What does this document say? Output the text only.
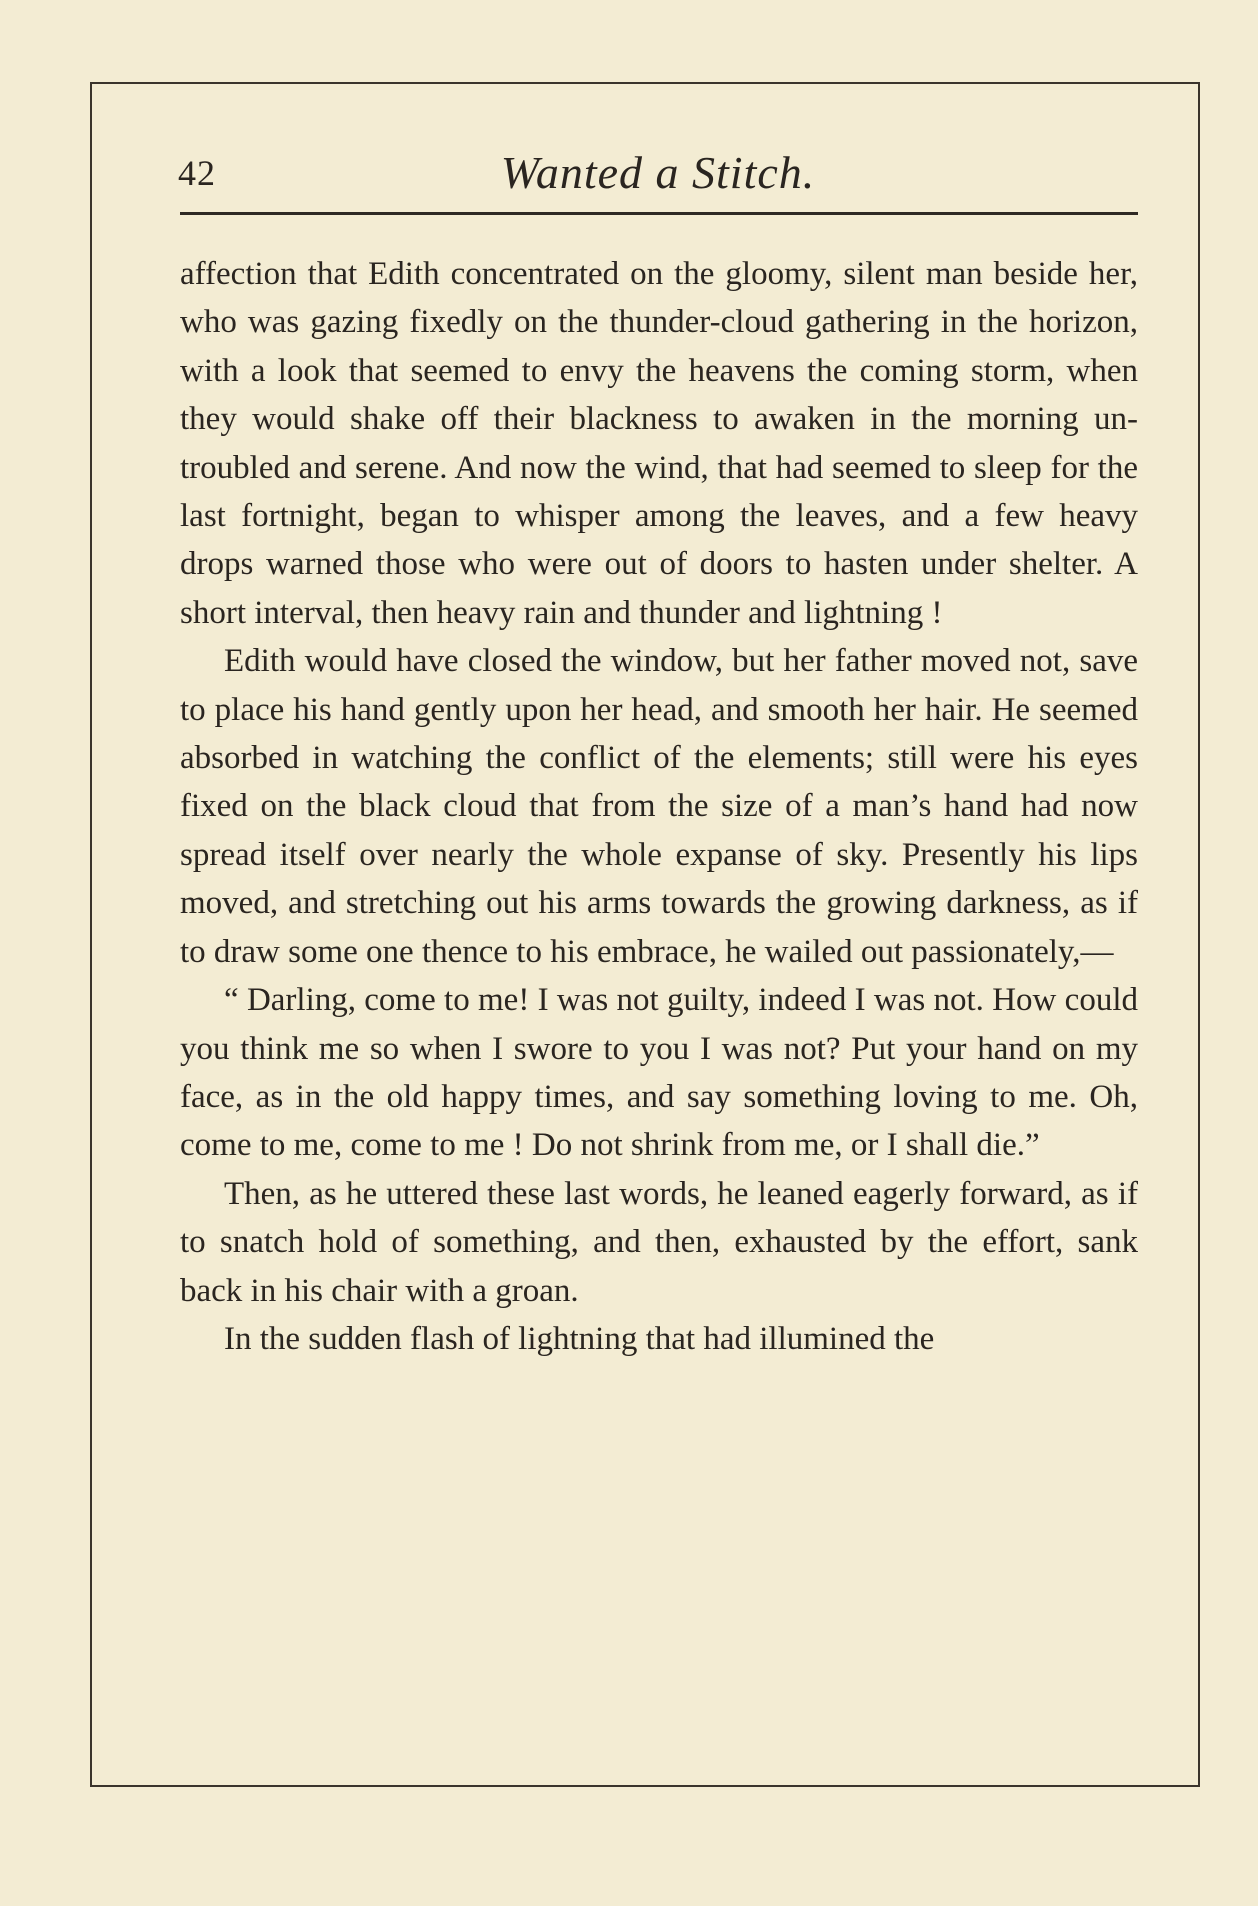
42	Wanted a Stitch.

affection that Edith concentrated on the gloomy, silent man beside her, who was gazing fixedly on the thunder-cloud gathering in the horizon, with a look that seemed to envy the heavens the coming storm, when they would shake off their blackness to awaken in the morning un-troubled and serene. And now the wind, that had seemed to sleep for the last fortnight, began to whisper among the leaves, and a few heavy drops warned those who were out of doors to hasten under shelter. A short interval, then heavy rain and thunder and lightning !

Edith would have closed the window, but her father moved not, save to place his hand gently upon her head, and smooth her hair. He seemed absorbed in watching the conflict of the elements; still were his eyes fixed on the black cloud that from the size of a man’s hand had now spread itself over nearly the whole expanse of sky. Presently his lips moved, and stretching out his arms towards the growing darkness, as if to draw some one thence to his embrace, he wailed out passionately,—

“ Darling, come to me! I was not guilty, indeed I was not. How could you think me so when I swore to you I was not? Put your hand on my face, as in the old happy times, and say something loving to me. Oh, come to me, come to me ! Do not shrink from me, or I shall die.”

Then, as he uttered these last words, he leaned eagerly forward, as if to snatch hold of something, and then, exhausted by the effort, sank back in his chair with a groan.

In the sudden flash of lightning that had illumined the
